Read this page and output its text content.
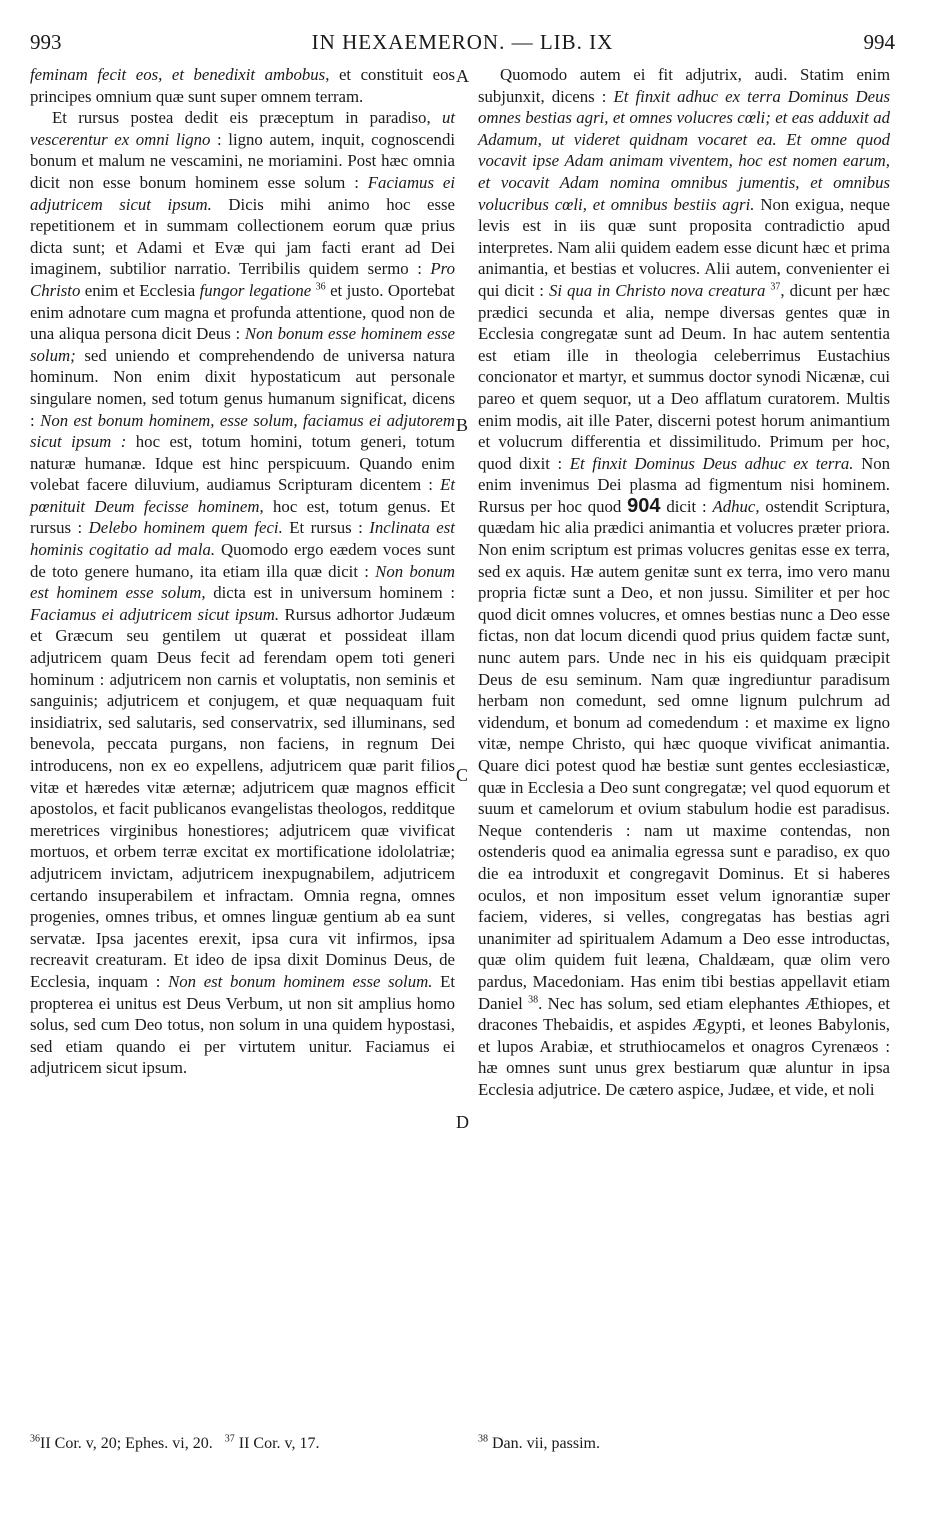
993	IN HEXAEMERON. — LIB. IX	994

feminam fecit eos, et benedixit ambobus, et constituit eos principes omnium quæ sunt super omnem terram.

Et rursus postea dedit eis præceptum in paradiso, ut vescerentur ex omni ligno : ligno autem, inquit, cognoscendi bonum et malum ne vescamini, ne moriamini. Post hæc omnia dicit non esse bonum hominem esse solum : Faciamus ei adjutricem sicut ipsum. Dicis mihi animo hoc esse repetitionem et in summam collectionem eorum quæ prius dicta sunt; et Adami et Evæ qui jam facti erant ad Dei imaginem, subtilior narratio. Terribilis quidem sermo : Pro Christo enim et Ecclesia fungor legatione $^{36}$ et justo. Oportebat enim adnotare cum magna et profunda attentione, quod non de una aliqua persona dicit Deus : Non bonum esse hominem esse solum; sed uniendo et comprehendendo de universa natura hominum. Non enim dixit hypostaticum aut personale singulare nomen, sed totum genus humanum significat, dicens : Non est bonum hominem, esse solum, faciamus ei adjutorem sicut ipsum : hoc est, totum homini, totum generi, totum naturæ humanæ. Idque est hinc perspicuum. Quando enim volebat facere diluvium, audiamus Scripturam dicentem : Et pœnituit Deum fecisse hominem, hoc est, totum genus. Et rursus : Delebo hominem quem feci. Et rursus : Inclinata est hominis cogitatio ad mala. Quomodo ergo eædem voces sunt de toto genere humano, ita etiam illa quæ dicit : Non bonum est hominem esse solum, dicta est in universum hominem : Faciamus ei adjutricem sicut ipsum. Rursus adhortor Judæum et Græcum seu gentilem ut quærat et possideat illam adjutricem quam Deus fecit ad ferendam opem toti generi hominum : adjutricem non carnis et voluptatis, non seminis et sanguinis; adjutricem et conjugem, et quæ nequaquam fuit insidiatrix, sed salutaris, sed conservatrix, sed illuminans, sed benevola, peccata purgans, non faciens, in regnum Dei introducens, non ex eo expellens, adjutricem quæ parit filios vitæ et hæredes vitæ æternæ; adjutricem quæ magnos efficit apostolos, et facit publicanos evangelistas theologos, redditque meretrices virginibus honestiores; adjutricem quæ vivificat mortuos, et orbem terræ excitat ex mortificatione idololatriæ; adjutricem invictam, adjutricem inexpugnabilem, adjutricem certando insuperabilem et infractam. Omnia regna, omnes progenies, omnes tribus, et omnes linguæ gentium ab ea sunt servatæ. Ipsa jacentes erexit, ipsa cura vit infirmos, ipsa recreavit creaturam. Et ideo de ipsa dixit Dominus Deus, de Ecclesia, inquam : Non est bonum hominem esse solum. Et propterea ei unitus est Deus Verbum, ut non sit amplius homo solus, sed cum Deo totus, non solum in una quidem hypostasi, sed etiam quando ei per virtutem unitur. Faciamus ei adjutricem sicut ipsum.

A
B
C
D

Quomodo autem ei fit adjutrix, audi. Statim enim subjunxit, dicens : Et finxit adhuc ex terra Dominus Deus omnes bestias agri, et omnes volucres cœli; et eas adduxit ad Adamum, ut videret quidnam vocaret ea. Et omne quod vocavit ipse Adam animam viventem, hoc est nomen earum, et vocavit Adam nomina omnibus jumentis, et omnibus volucribus cœli, et omnibus bestiis agri. Non exigua, neque levis est in iis quæ sunt proposita contradictio apud interpretes. Nam alii quidem eadem esse dicunt hæc et prima animantia, et bestias et volucres. Alii autem, convenienter ei qui dicit : Si qua in Christo nova creatura $^{37}$, dicunt per hæc prædici secunda et alia, nempe diversas gentes quæ in Ecclesia congregatæ sunt ad Deum. In hac autem sententia est etiam ille in theologia celeberrimus Eustachius concionator et martyr, et summus doctor synodi Nicænæ, cui pareo et quem sequor, ut a Deo afflatum curatorem. Multis enim modis, ait ille Pater, discerni potest horum animantium et volucrum differentia et dissimilitudo. Primum per hoc, quod dixit : Et finxit Dominus Deus adhuc ex terra. Non enim invenimus Dei plasma ad figmentum nisi hominem. Rursus per hoc quod 904 dicit : Adhuc, ostendit Scriptura, quædam hic alia prædici animantia et volucres præter priora. Non enim scriptum est primas volucres genitas esse ex terra, sed ex aquis. Hæ autem genitæ sunt ex terra, imo vero manu propria fictæ sunt a Deo, et non jussu. Similiter et per hoc quod dicit omnes volucres, et omnes bestias nunc a Deo esse fictas, non dat locum dicendi quod prius quidem factæ sunt, nunc autem pars. Unde nec in his eis quidquam præcipit Deus de esu seminum. Nam quæ ingrediuntur paradisum herbam non comedunt, sed omne lignum pulchrum ad videndum, et bonum ad comedendum : et maxime ex ligno vitæ, nempe Christo, qui hæc quoque vivificat animantia. Quare dici potest quod hæ bestiæ sunt gentes ecclesiasticæ, quæ in Ecclesia a Deo sunt congregatæ; vel quod equorum et suum et camelorum et ovium stabulum hodie est paradisus. Neque contenderis : nam ut maxime contendas, non ostenderis quod ea animalia egressa sunt e paradiso, ex quo die ea introduxit et congregavit Dominus. Et si haberes oculos, et non impositum esset velum ignorantiæ super faciem, videres, si velles, congregatas has bestias agri unanimiter ad spiritualem Adamum a Deo esse introductas, quæ olim quidem fuit leæna, Chaldæam, quæ olim vero pardus, Macedoniam. Has enim tibi bestias appellavit etiam Daniel $^{38}$. Nec has solum, sed etiam elephantes Æthiopes, et dracones Thebaidis, et aspides Ægypti, et leones Babylonis, et lupos Arabiæ, et struthiocamelos et onagros Cyrenæos : hæ omnes sunt unus grex bestiarum quæ aluntur in ipsa Ecclesia adjutrice. De cætero aspice, Judæe, et vide, et noli

$^{36}$II Cor. v, 20; Ephes. vi, 20. $^{37}$ II Cor. v, 17.	$^{38}$ Dan. vii, passim.
